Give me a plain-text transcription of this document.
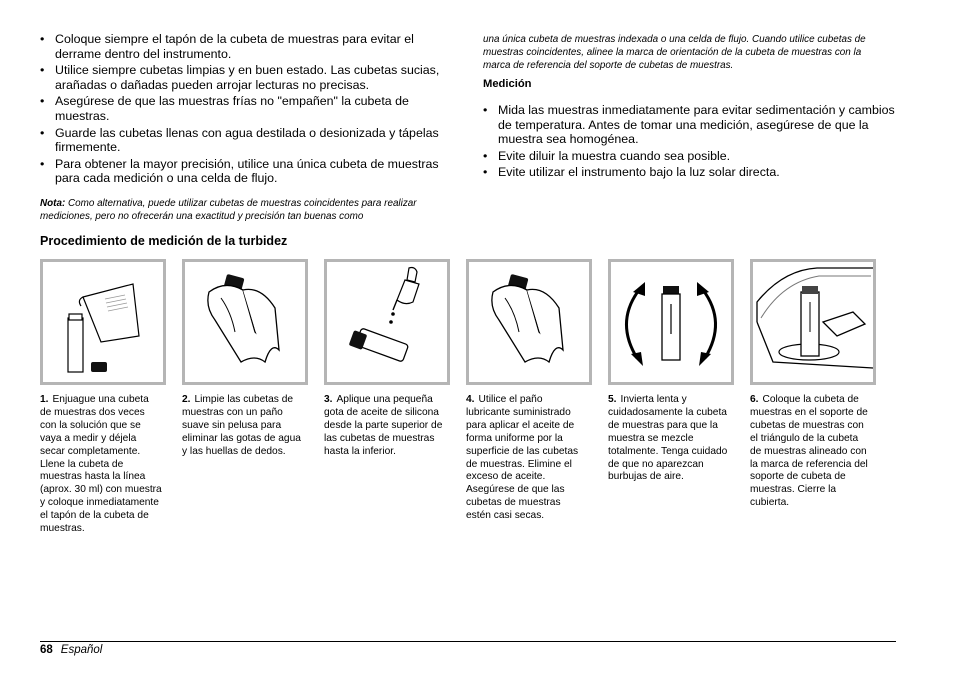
• Coloque siempre el tapón de la cubeta de muestras para evitar el derrame dentro del instrumento.
• Utilice siempre cubetas limpias y en buen estado. Las cubetas sucias, arañadas o dañadas pueden arrojar lecturas no precisas.
• Asegúrese de que las muestras frías no "empañen" la cubeta de muestras.
• Guarde las cubetas llenas con agua destilada o desionizada y tápelas firmemente.
• Para obtener la mayor precisión, utilice una única cubeta de muestras para cada medición o una celda de flujo.
Nota: Como alternativa, puede utilizar cubetas de muestras coincidentes para realizar mediciones, pero no ofrecerán una exactitud y precisión tan buenas como
una única cubeta de muestras indexada o una celda de flujo. Cuando utilice cubetas de muestras coincidentes, alinee la marca de orientación de la cubeta de muestras con la marca de referencia del soporte de cubetas de muestras.
Medición
• Mida las muestras inmediatamente para evitar sedimentación y cambios de temperatura. Antes de tomar una medición, asegúrese de que la muestra sea homogénea.
• Evite diluir la muestra cuando sea posible.
• Evite utilizar el instrumento bajo la luz solar directa.
Procedimiento de medición de la turbidez
1. Enjuague una cubeta de muestras dos veces con la solución que se vaya a medir y déjela secar completamente. Llene la cubeta de muestras hasta la línea (aprox. 30 ml) con muestra y coloque inmediatamente el tapón de la cubeta de muestras.
2. Limpie las cubetas de muestras con un paño suave sin pelusa para eliminar las gotas de agua y las huellas de dedos.
3. Aplique una pequeña gota de aceite de silicona desde la parte superior de las cubetas de muestras hasta la inferior.
4. Utilice el paño lubricante suministrado para aplicar el aceite de forma uniforme por la superficie de las cubetas de muestras. Elimine el exceso de aceite. Asegúrese de que las cubetas de muestras estén casi secas.
5. Invierta lenta y cuidadosamente la cubeta de muestras para que la muestra se mezcle totalmente. Tenga cuidado de que no aparezcan burbujas de aire.
6. Coloque la cubeta de muestras en el soporte de cubetas de muestras con el triángulo de la cubeta de muestras alineado con la marca de referencia del soporte de cubeta de muestras. Cierre la cubierta.
68 Español
